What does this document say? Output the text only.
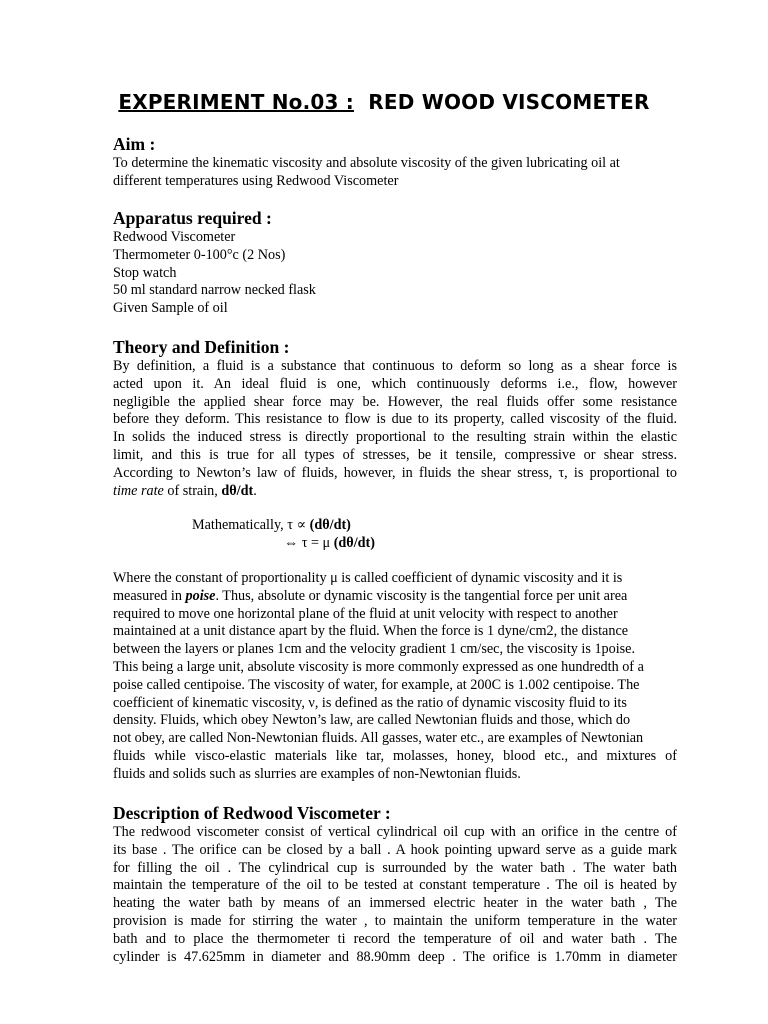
EXPERIMENT No.03 : RED WOOD VISCOMETER
Aim :
To determine the kinematic viscosity and absolute viscosity of the given lubricating oil at
different temperatures using Redwood Viscometer
Apparatus required :
Redwood Viscometer
Thermometer 0-100°c (2 Nos)
Stop watch
50 ml standard narrow necked flask
Given Sample of oil
Theory and Definition :
By definition, a fluid is a substance that continuous to deform so long as a shear force is
acted upon it. An ideal fluid is one, which continuously deforms i.e., flow, however
negligible the applied shear force may be. However, the real fluids offer some resistance
before they deform. This resistance to flow is due to its property, called viscosity of the fluid.
In solids the induced stress is directly proportional to the resulting strain within the elastic
limit, and this is true for all types of stresses, be it tensile, compressive or shear stress.
According to Newton’s law of fluids, however, in fluids the shear stress, τ, is proportional to
time rate of strain, dθ/dt.
Mathematically, τ ∝ (dθ/dt)
⇔ τ = μ (dθ/dt)
Where the constant of proportionality μ is called coefficient of dynamic viscosity and it is
measured in poise. Thus, absolute or dynamic viscosity is the tangential force per unit area
required to move one horizontal plane of the fluid at unit velocity with respect to another
maintained at a unit distance apart by the fluid. When the force is 1 dyne/cm2, the distance
between the layers or planes 1cm and the velocity gradient 1 cm/sec, the viscosity is 1poise.
This being a large unit, absolute viscosity is more commonly expressed as one hundredth of a
poise called centipoise. The viscosity of water, for example, at 200C is 1.002 centipoise. The
coefficient of kinematic viscosity, ν, is defined as the ratio of dynamic viscosity fluid to its
density. Fluids, which obey Newton’s law, are called Newtonian fluids and those, which do
not obey, are called Non-Newtonian fluids. All gasses, water etc., are examples of Newtonian
fluids while visco-elastic materials like tar, molasses, honey, blood etc., and mixtures of
fluids and solids such as slurries are examples of non-Newtonian fluids.
Description of Redwood Viscometer :
The redwood viscometer consist of vertical cylindrical oil cup with an orifice in the centre of
its base . The orifice can be closed by a ball . A hook pointing upward serve as a guide mark
for filling the oil . The cylindrical cup is surrounded by the water bath . The water bath
maintain the temperature of the oil to be tested at constant temperature . The oil is heated by
heating the water bath by means of an immersed electric heater in the water bath , The
provision is made for stirring the water , to maintain the uniform temperature in the water
bath and to place the thermometer ti record the temperature of oil and water bath . The
cylinder is 47.625mm in diameter and 88.90mm deep . The orifice is 1.70mm in diameter
